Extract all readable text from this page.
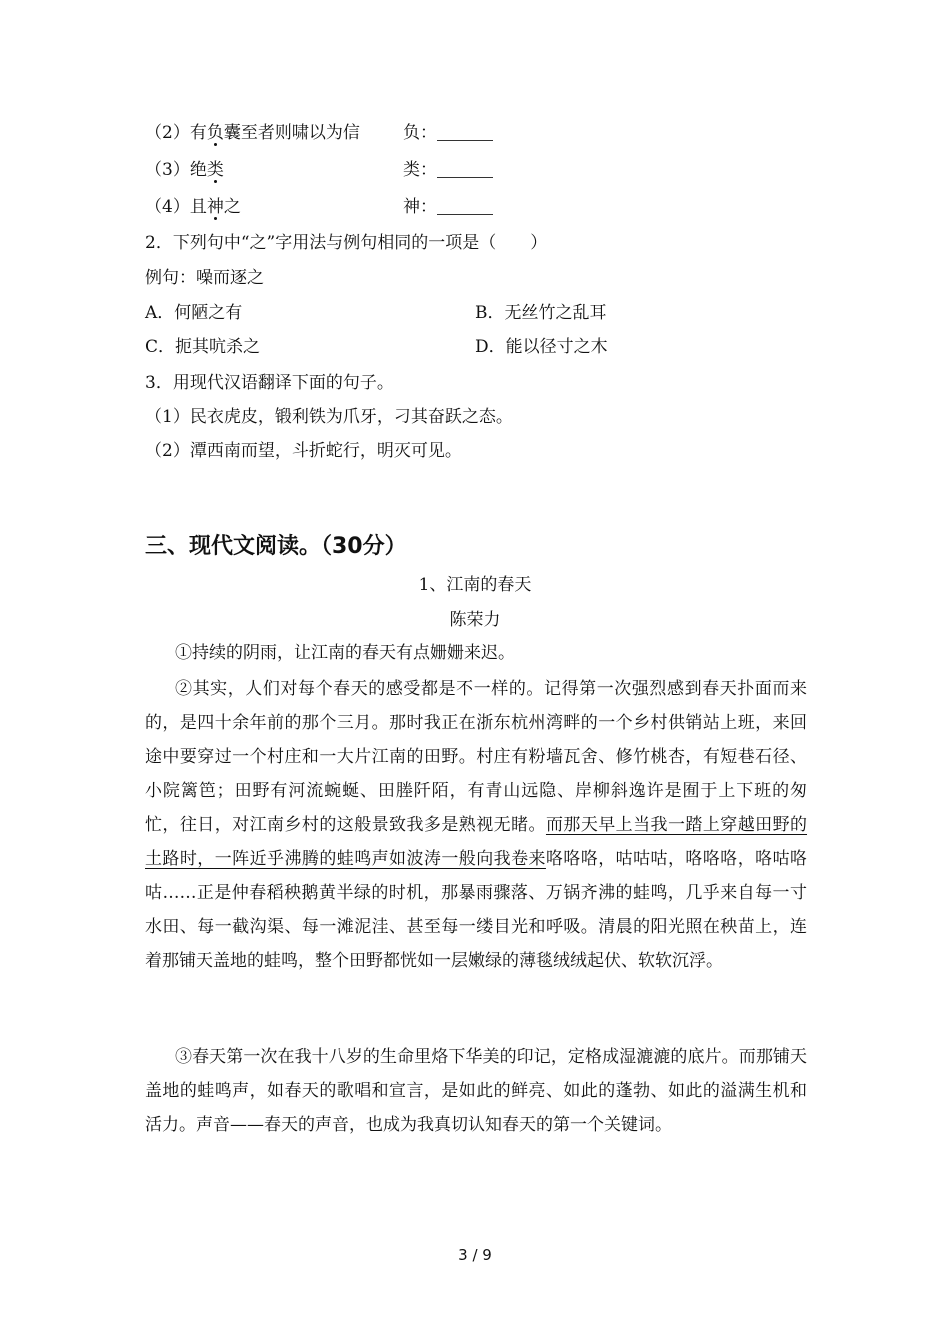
（2）有负囊至者则啸以为信	负：
（3）绝类	类：
（4）且神之	神：
2．下列句中“之”字用法与例句相同的一项是（　　）
例句：噪而逐之
A．何陋之有	B．无丝竹之乱耳
C．扼其吭杀之	D．能以径寸之木
3．用现代汉语翻译下面的句子。
（1）民衣虎皮，锻利铁为爪牙，刁其奋跃之态。
（2）潭西南而望，斗折蛇行，明灭可见。
三、现代文阅读。（30分）
1、江南的春天
陈荣力
①持续的阴雨，让江南的春天有点姗姗来迟。
②其实，人们对每个春天的感受都是不一样的。记得第一次强烈感到春天扑面而来的，是四十余年前的那个三月。那时我正在浙东杭州湾畔的一个乡村供销站上班，来回途中要穿过一个村庄和一大片江南的田野。村庄有粉墙瓦舍、修竹桃杏，有短巷石径、小院篱笆；田野有河流蜿蜒、田塍阡陌，有青山远隐、岸柳斜逸许是囿于上下班的匆忙，往日，对江南乡村的这般景致我多是熟视无睹。而那天早上当我一踏上穿越田野的土路时，一阵近乎沸腾的蛙鸣声如波涛一般向我卷来咯咯咯，咕咕咕，咯咯咯，咯咕咯咕……正是仲春稻秧鹅黄半绿的时机，那暴雨骤落、万锅齐沸的蛙鸣，几乎来自每一寸水田、每一截沟渠、每一滩泥洼、甚至每一缕目光和呼吸。清晨的阳光照在秧苗上，连着那铺天盖地的蛙鸣，整个田野都恍如一层嫩绿的薄毯绒绒起伏、软软沉浮。
③春天第一次在我十八岁的生命里烙下华美的印记，定格成湿漉漉的底片。而那铺天盖地的蛙鸣声，如春天的歌唱和宣言，是如此的鲜亮、如此的蓬勃、如此的溢满生机和活力。声音——春天的声音，也成为我真切认知春天的第一个关键词。
3 / 9
